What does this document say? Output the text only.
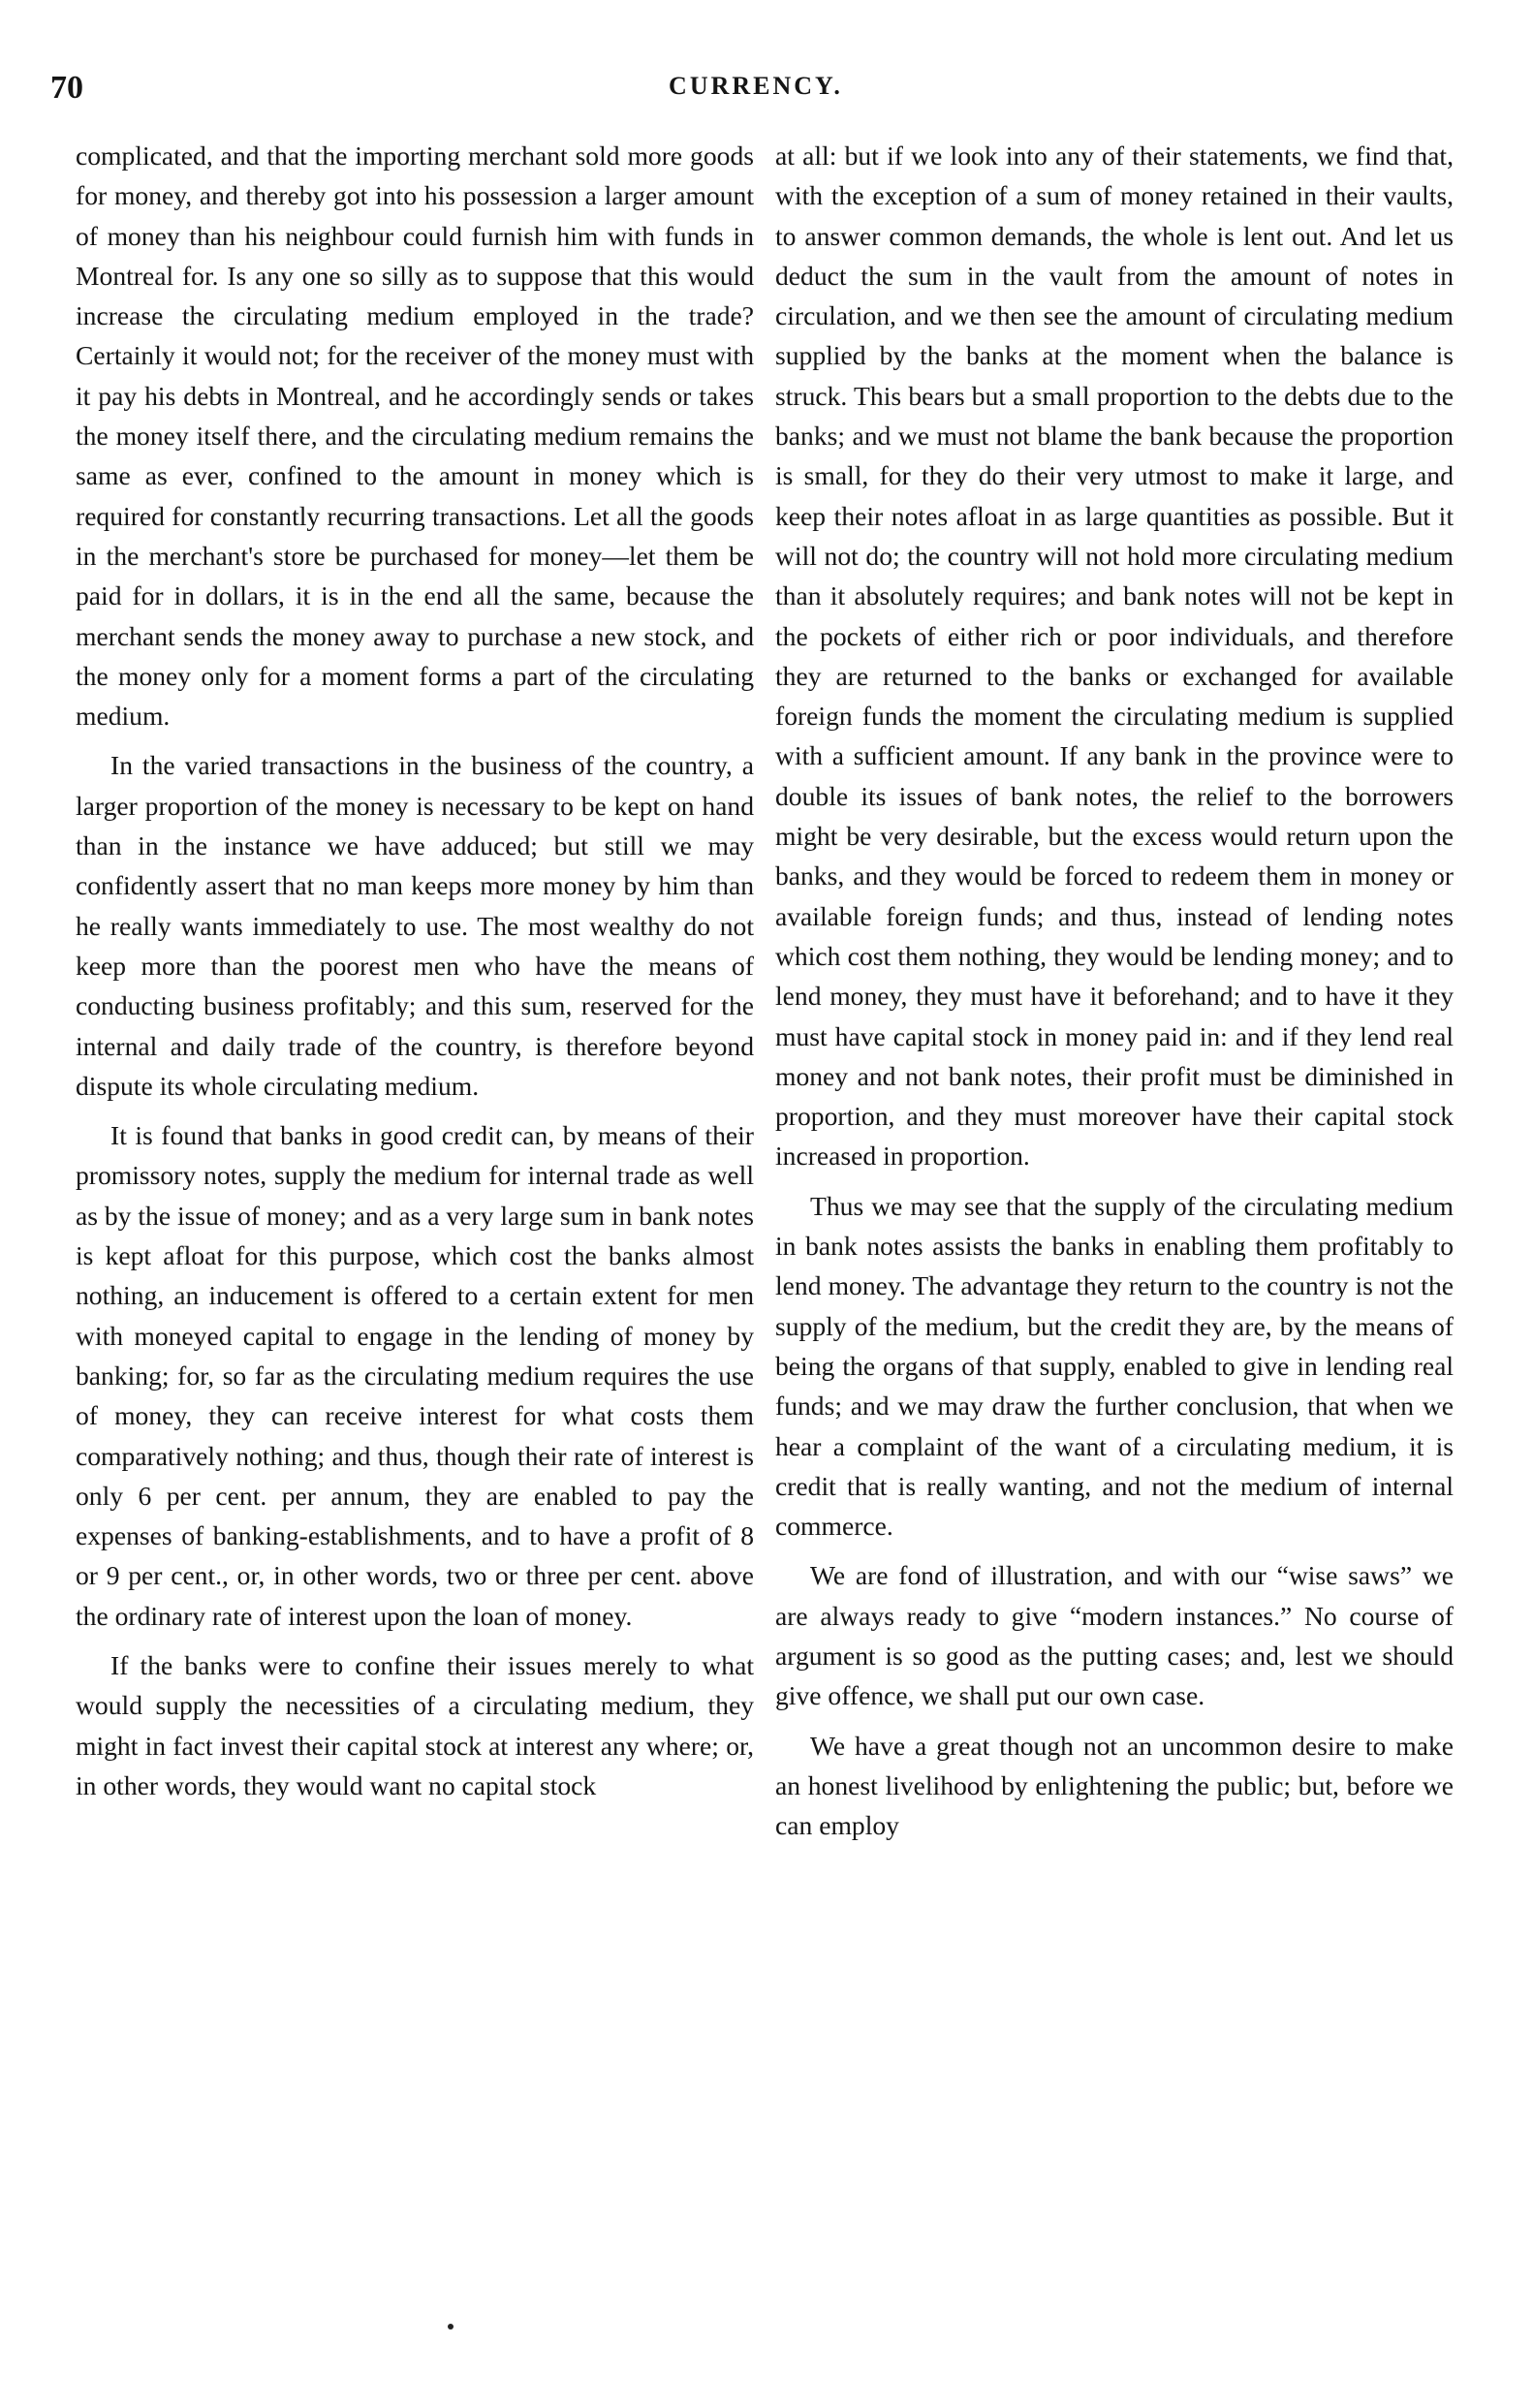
70	CURRENCY.

complicated, and that the importing merchant sold more goods for money, and thereby got into his possession a larger amount of money than his neighbour could furnish him with funds in Montreal for. Is any one so silly as to suppose that this would increase the circulating medium employed in the trade? Certainly it would not; for the receiver of the money must with it pay his debts in Montreal, and he accordingly sends or takes the money itself there, and the circulating medium remains the same as ever, confined to the amount in money which is required for constantly recurring transactions. Let all the goods in the merchant's store be purchased for money—let them be paid for in dollars, it is in the end all the same, because the merchant sends the money away to purchase a new stock, and the money only for a moment forms a part of the circulating medium.

In the varied transactions in the business of the country, a larger proportion of the money is necessary to be kept on hand than in the instance we have adduced; but still we may confidently assert that no man keeps more money by him than he really wants immediately to use. The most wealthy do not keep more than the poorest men who have the means of conducting business profitably; and this sum, reserved for the internal and daily trade of the country, is therefore beyond dispute its whole circulating medium.

It is found that banks in good credit can, by means of their promissory notes, supply the medium for internal trade as well as by the issue of money; and as a very large sum in bank notes is kept afloat for this purpose, which cost the banks almost nothing, an inducement is offered to a certain extent for men with moneyed capital to engage in the lending of money by banking; for, so far as the circulating medium requires the use of money, they can receive interest for what costs them comparatively nothing; and thus, though their rate of interest is only 6 per cent. per annum, they are enabled to pay the expenses of banking-establishments, and to have a profit of 8 or 9 per cent., or, in other words, two or three per cent. above the ordinary rate of interest upon the loan of money.

If the banks were to confine their issues merely to what would supply the necessities of a circulating medium, they might in fact invest their capital stock at interest any where; or, in other words, they would want no capital stock

at all: but if we look into any of their statements, we find that, with the exception of a sum of money retained in their vaults, to answer common demands, the whole is lent out. And let us deduct the sum in the vault from the amount of notes in circulation, and we then see the amount of circulating medium supplied by the banks at the moment when the balance is struck. This bears but a small proportion to the debts due to the banks; and we must not blame the bank because the proportion is small, for they do their very utmost to make it large, and keep their notes afloat in as large quantities as possible. But it will not do; the country will not hold more circulating medium than it absolutely requires; and bank notes will not be kept in the pockets of either rich or poor individuals, and therefore they are returned to the banks or exchanged for available foreign funds the moment the circulating medium is supplied with a sufficient amount. If any bank in the province were to double its issues of bank notes, the relief to the borrowers might be very desirable, but the excess would return upon the banks, and they would be forced to redeem them in money or available foreign funds; and thus, instead of lending notes which cost them nothing, they would be lending money; and to lend money, they must have it beforehand; and to have it they must have capital stock in money paid in: and if they lend real money and not bank notes, their profit must be diminished in proportion, and they must moreover have their capital stock increased in proportion.

Thus we may see that the supply of the circulating medium in bank notes assists the banks in enabling them profitably to lend money. The advantage they return to the country is not the supply of the medium, but the credit they are, by the means of being the organs of that supply, enabled to give in lending real funds; and we may draw the further conclusion, that when we hear a complaint of the want of a circulating medium, it is credit that is really wanting, and not the medium of internal commerce.

We are fond of illustration, and with our “wise saws” we are always ready to give “modern instances.” No course of argument is so good as the putting cases; and, lest we should give offence, we shall put our own case.

We have a great though not an uncommon desire to make an honest livelihood by enlightening the public; but, before we can employ
